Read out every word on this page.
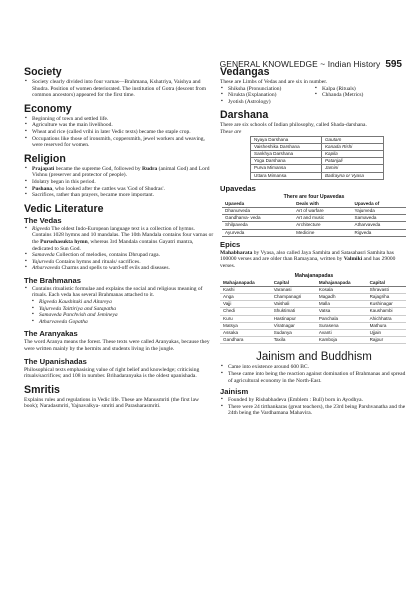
GENERAL KNOWLEDGE ~ Indian History 595
Society
▪ Society clearly divided into four varnas—Brahmana, Kshatriya, Vaishya and Shudra. Position of women deteriorated. The institution of Gotra (descent from common ancestors) appeared for the first time.
Economy
▪ Beginning of town and settled life.
▪ Agriculture was the main livelihood.
▪ Wheat and rice (called vrihi in later Vedic texts) became the staple crop.
▪ Occupations like those of ironsmith, coppersmith, jewel workers and weaving, were reserved for women.
Religion
▪ Prajapati became the supreme God, followed by Rudra (animal God) and Lord Vishnu (preserver and protector of people).
▪ Idolatry began in this period.
▪ Pushana, who looked after the cattles was 'God of Shudras'.
▪ Sacrifices, rather than prayers, became more important.
Vedic Literature
The Vedas
▪ Rigveda The oldest Indo-European language text is a collection of hymns. Contains 1028 hymns and 10 mandalas. The 10th Mandala contains four varnas or the Purushasukta hymn, whereas 3rd Mandala contains Gayatri mantra, dedicated to Sun God.
▪ Samaveda Collection of melodies, contains Dhrupad raga.
▪ Yajurveda Contains hymns and rituals/ sacrifices.
▪ Atharvaveda Charms and spells to ward-off evils and diseases.
The Brahmanas
▪ Contains ritualistic formulae and explains the social and religious meaning of rituals. Each veda has several Brahmanas attached to it.
▪ Rigveda Kaushitaki and Aitareya
▪ Yajurveda Taittiriya and Satapatha
▪ Samaveda Panchvish and Jemineya
▪ Atharvaveda Gopatha
The Aranyakas

The word Aranya means the forest. These texts were called Aranyakas, because they were written mainly by the hermits and students living in the jungle.

The Upanishadas

Philosophical texts emphasising value of right belief and knowledge; criticising rituals/sacrifices; and 108 in number. Brihadaranyaka is the oldest upanishada.

Smritis

Explains rules and regulations in Vedic life. These are Manusmriti (the first law book); Naradasmriti, Yajnavalkya- smriti and Parasharasmriti.

Vedangas

These are Limbs of Vedas and are six in number.

▪ Shiksha (Pronunciation)
▪ Nirukta (Explanation)
▪ Jyotish (Astrology)
▪ Kalpa (Rituals)
▪ Chhanda (Metrics)
Darshana

There are six schools of Indian philosophy, called Shada-darshana.

These are

Nyaya Darshana	Gautam
Vaisheshika Darshana	Kanada Rishi
Sankhya Darshana	Kapila
Yoga Darshana	Patanjali
Purva Mimansa	Jamini
Uttara Mimansa	Badrayna or Vyasa
Upavedas
There are four Upavedas
Upaveda	Deals with	Upaveda of
Dhanurveda	Art of warfare	Yajurveda
Gandharva- veda	Art and music	Samaveda
Shilpaveda	Architecture	Atharvaveda
Ayurveda	Medicine	Rigveda
Epics

Mahabharata by Vyasa, also called Jaya Samhita and Satasahasri Samhita has 100000 verses and are older than Ramayana, written by Valmiki and has 29000 verses.

Mahajanapadas
Mahajanapada	Capital	Mahajanapada	Capital
Kashi	Varanasi	Kosala	Shravasti
Anga	Champanagri	Magadh	Rajagriha
Vajji	Vaishali	Malla	Kushinagar
Chedi	Shuktimati	Vatsa	Kaushambi
Kuru	Hastinapur	Panchala	Ahichhatra
Matsya	Viratnagar	Surasena	Mathura
Assaka	Sudanya	Avanti	Ujjain
Gandhara	Taxila	Kamboja	Rajpur
Jainism and Buddhism
▪ Came into existence around 600 BC.
▪ These came into being the reaction against domination of Brahmanas and spread of agricultural economy in the North-East.
Jainism
▪ Founded by Rishabhadeva (Emblem : Bull) born in Ayodhya.
▪ There were 24 tirthankaras (great teachers), the 23rd being Parshvanatha and the 24th being the Vardhamana Mahavira.
